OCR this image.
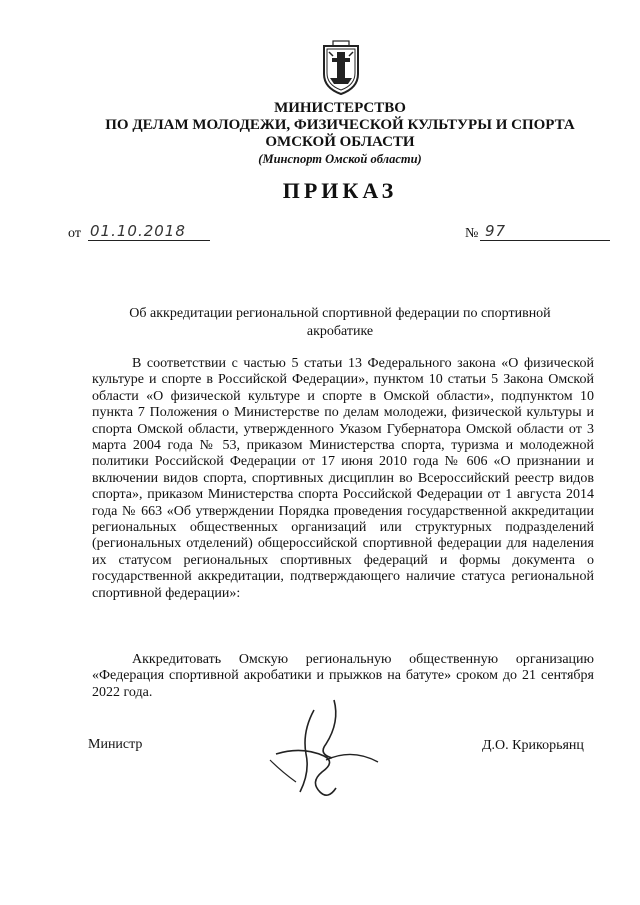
МИНИСТЕРСТВО
ПО ДЕЛАМ МОЛОДЕЖИ, ФИЗИЧЕСКОЙ КУЛЬТУРЫ И СПОРТА
ОМСКОЙ ОБЛАСТИ
(Минспорт Омской области)
ПРИКАЗ
от 01.10.2018	№ 97
Об аккредитации региональной спортивной федерации по спортивной акробатике
В соответствии с частью 5 статьи 13 Федерального закона «О физической культуре и спорте в Российской Федерации», пунктом 10 статьи 5 Закона Омской области «О физической культуре и спорте в Омской области», подпунктом 10 пункта 7 Положения о Министерстве по делам молодежи, физической культуры и спорта Омской области, утвержденного Указом Губернатора Омской области от 3 марта 2004 года № 53, приказом Министерства спорта, туризма и молодежной политики Российской Федерации от 17 июня 2010 года № 606 «О признании и включении видов спорта, спортивных дисциплин во Всероссийский реестр видов спорта», приказом Министерства спорта Российской Федерации от 1 августа 2014 года № 663 «Об утверждении Порядка проведения государственной аккредитации региональных общественных организаций или структурных подразделений (региональных отделений) общероссийской спортивной федерации для наделения их статусом региональных спортивных федераций и формы документа о государственной аккредитации, подтверждающего наличие статуса региональной спортивной федерации»:
Аккредитовать Омскую региональную общественную организацию «Федерация спортивной акробатики и прыжков на батуте» сроком до 21 сентября 2022 года.
Министр	Д.О. Крикорьянц
